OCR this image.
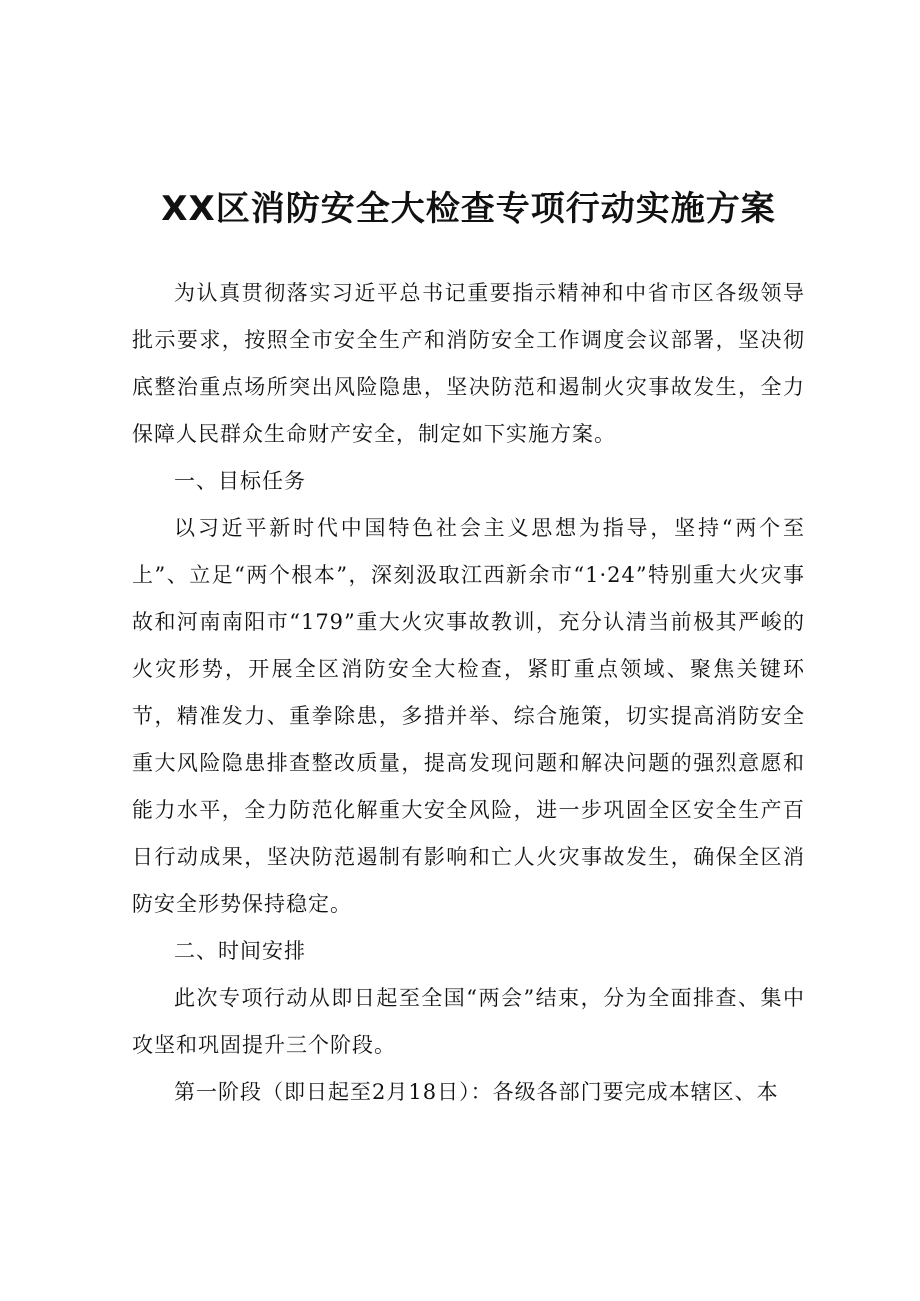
XX区消防安全大检查专项行动实施方案

为认真贯彻落实习近平总书记重要指示精神和中省市区各级领导批示要求，按照全市安全生产和消防安全工作调度会议部署，坚决彻底整治重点场所突出风险隐患，坚决防范和遏制火灾事故发生，全力保障人民群众生命财产安全，制定如下实施方案。

一、目标任务

以习近平新时代中国特色社会主义思想为指导，坚持“两个至上”、立足“两个根本”，深刻汲取江西新余市“1·24”特别重大火灾事故和河南南阳市“179”重大火灾事故教训，充分认清当前极其严峻的火灾形势，开展全区消防安全大检查，紧盯重点领域、聚焦关键环节，精准发力、重拳除患，多措并举、综合施策，切实提高消防安全重大风险隐患排查整改质量，提高发现问题和解决问题的强烈意愿和能力水平，全力防范化解重大安全风险，进一步巩固全区安全生产百日行动成果，坚决防范遏制有影响和亡人火灾事故发生，确保全区消防安全形势保持稳定。

二、时间安排

此次专项行动从即日起至全国“两会”结束，分为全面排查、集中攻坚和巩固提升三个阶段。

第一阶段（即日起至2月18日）：各级各部门要完成本辖区、本
